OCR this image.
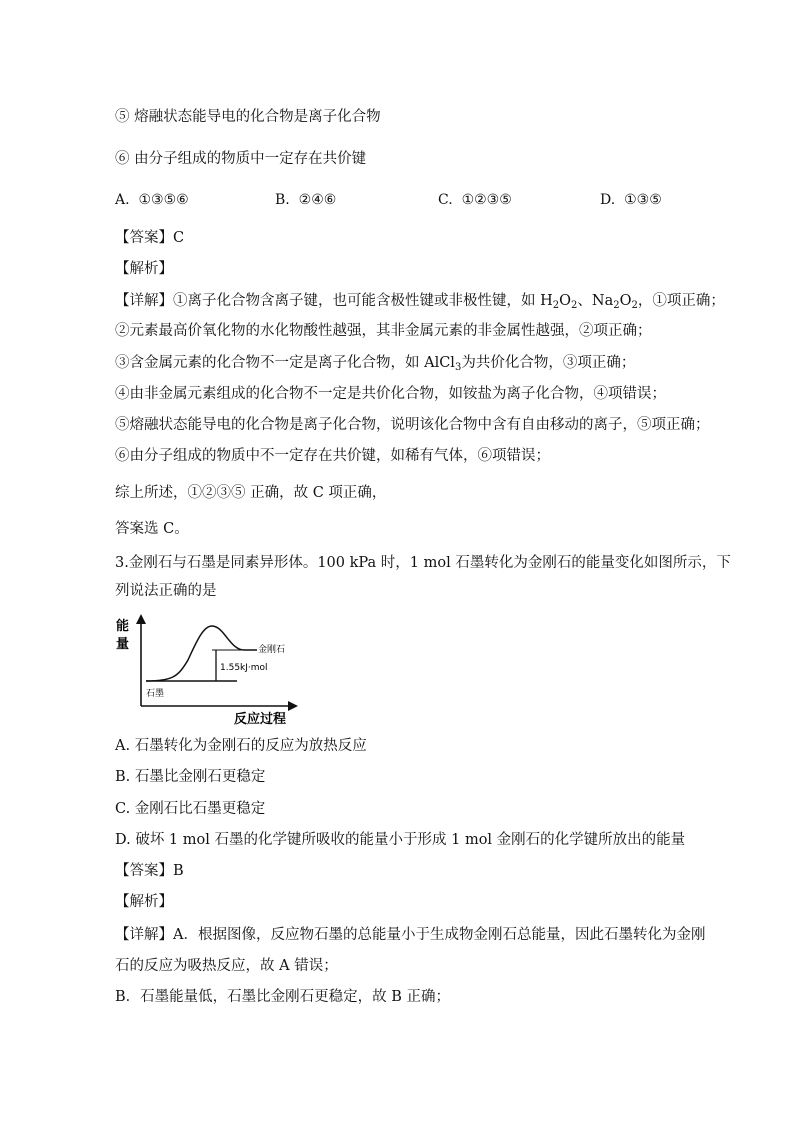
⑤ 熔融状态能导电的化合物是离子化合物
⑥ 由分子组成的物质中一定存在共价键
A. ①③⑤⑥	B. ②④⑥	C. ①②③⑤	D. ①③⑤
【答案】C
【解析】
【详解】①离子化合物含离子键，也可能含极性键或非极性键，如 $H_2O_2$、$Na_2O_2$，①项正确；
②元素最高价氧化物的水化物酸性越强，其非金属元素的非金属性越强，②项正确；
③含金属元素的化合物不一定是离子化合物，如 AlCl$_3$为共价化合物，③项正确；
④由非金属元素组成的化合物不一定是共价化合物，如铵盐为离子化合物，④项错误；
⑤熔融状态能导电的化合物是离子化合物，说明该化合物中含有自由移动的离子，⑤项正确；
⑥由分子组成的物质中不一定存在共价键，如稀有气体，⑥项错误；
综上所述，①②③⑤ 正确，故 C 项正确，
答案选 C。
3.金刚石与石墨是同素异形体。100 kPa 时，1 mol 石墨转化为金刚石的能量变化如图所示，下
列说法正确的是
能
量	金刚石
1.55kJ·mol
石墨
反应过程
A. 石墨转化为金刚石的反应为放热反应
B. 石墨比金刚石更稳定
C. 金刚石比石墨更稳定
D. 破坏 1 mol 石墨的化学键所吸收的能量小于形成 1 mol 金刚石的化学键所放出的能量
【答案】B
【解析】
【详解】A．根据图像，反应物石墨的总能量小于生成物金刚石总能量，因此石墨转化为金刚
石的反应为吸热反应，故 A 错误；
B．石墨能量低，石墨比金刚石更稳定，故 B 正确；
